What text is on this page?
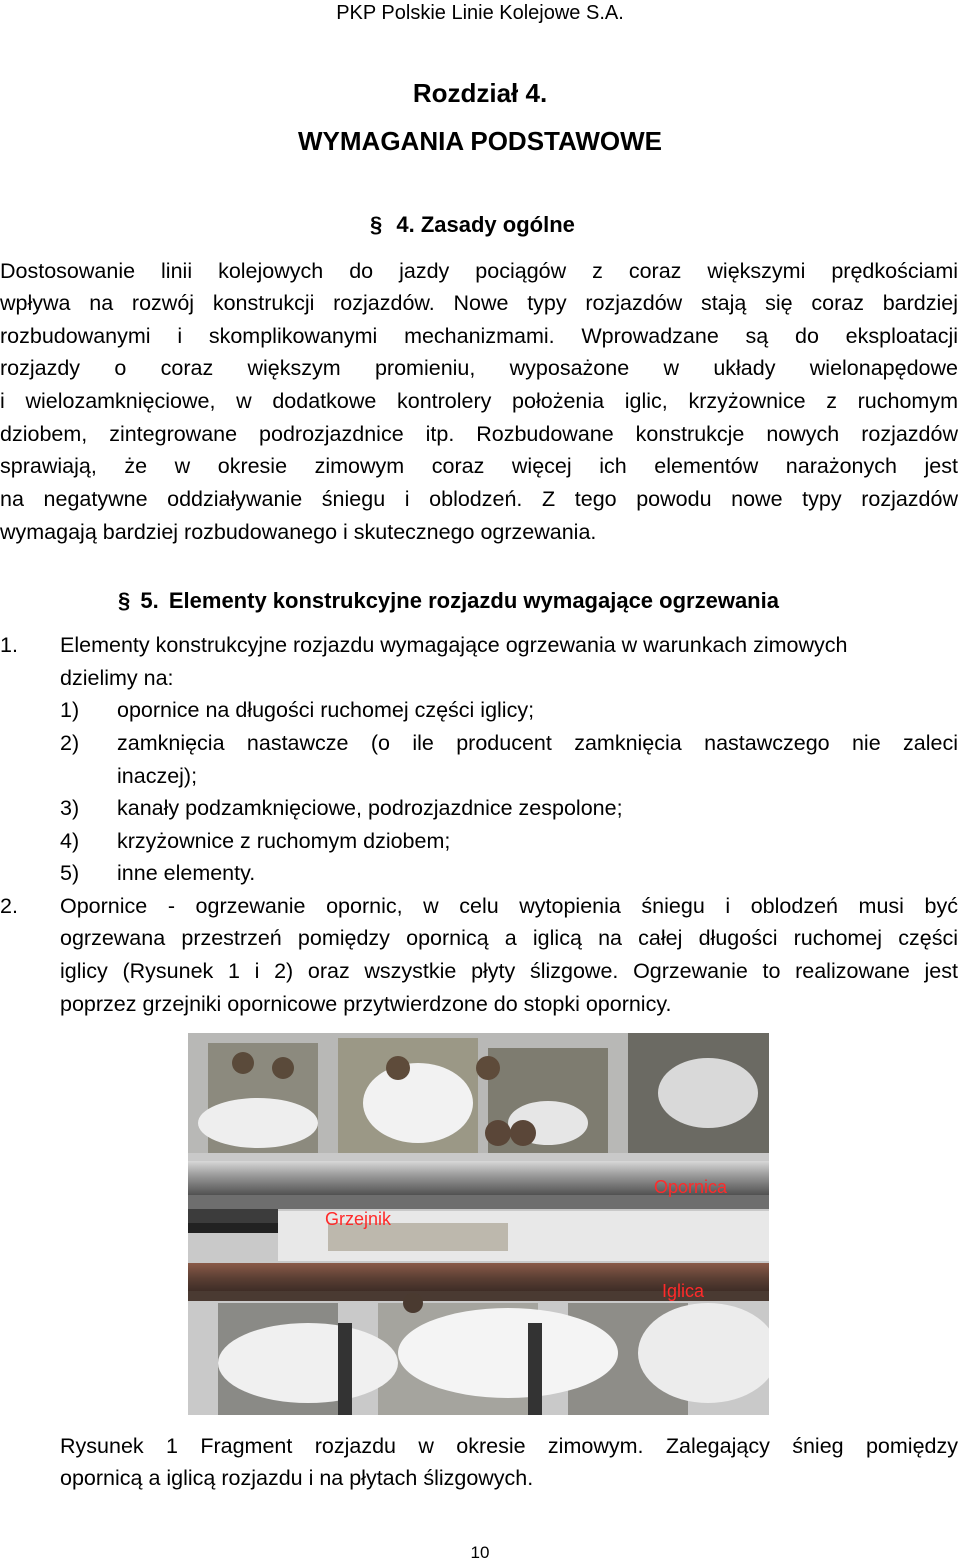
PKP Polskie Linie Kolejowe S.A.
Rozdział 4.
WYMAGANIA PODSTAWOWE
§ 4. Zasady ogólne
Dostosowanie linii kolejowych do jazdy pociągów z coraz większymi prędkościami
wpływa na rozwój konstrukcji rozjazdów. Nowe typy rozjazdów stają się coraz bardziej
rozbudowanymi i skomplikowanymi mechanizmami. Wprowadzane są do eksploatacji
rozjazdy o coraz większym promieniu, wyposażone w układy wielonapędowe
i wielozamknięciowe, w dodatkowe kontrolery położenia iglic, krzyżownice z ruchomym
dziobem, zintegrowane podrozjazdnice itp. Rozbudowane konstrukcje nowych rozjazdów
sprawiają, że w okresie zimowym coraz więcej ich elementów narażonych jest
na negatywne oddziaływanie śniegu i oblodzeń. Z tego powodu nowe typy rozjazdów
wymagają bardziej rozbudowanego i skutecznego ogrzewania.
§ 5. Elementy konstrukcyjne rozjazdu wymagające ogrzewania
1. Elementy konstrukcyjne rozjazdu wymagające ogrzewania w warunkach zimowych
dzielimy na:
1) opornice na długości ruchomej części iglicy;
2) zamknięcia nastawcze (o ile producent zamknięcia nastawczego nie zaleci
inaczej);
3) kanały podzamknięciowe, podrozjazdnice zespolone;
4) krzyżownice z ruchomym dziobem;
5) inne elementy.
2. Opornice - ogrzewanie opornic, w celu wytopienia śniegu i oblodzeń musi być
ogrzewana przestrzeń pomiędzy opornicą a iglicą na całej długości ruchomej części
iglicy (Rysunek 1 i 2) oraz wszystkie płyty ślizgowe. Ogrzewanie to realizowane jest
poprzez grzejniki opornicowe przytwierdzone do stopki opornicy.
Opornica
Grzejnik
Iglica
Rysunek 1 Fragment rozjazdu w okresie zimowym. Zalegający śnieg pomiędzy
opornicą a iglicą rozjazdu i na płytach ślizgowych.
10
